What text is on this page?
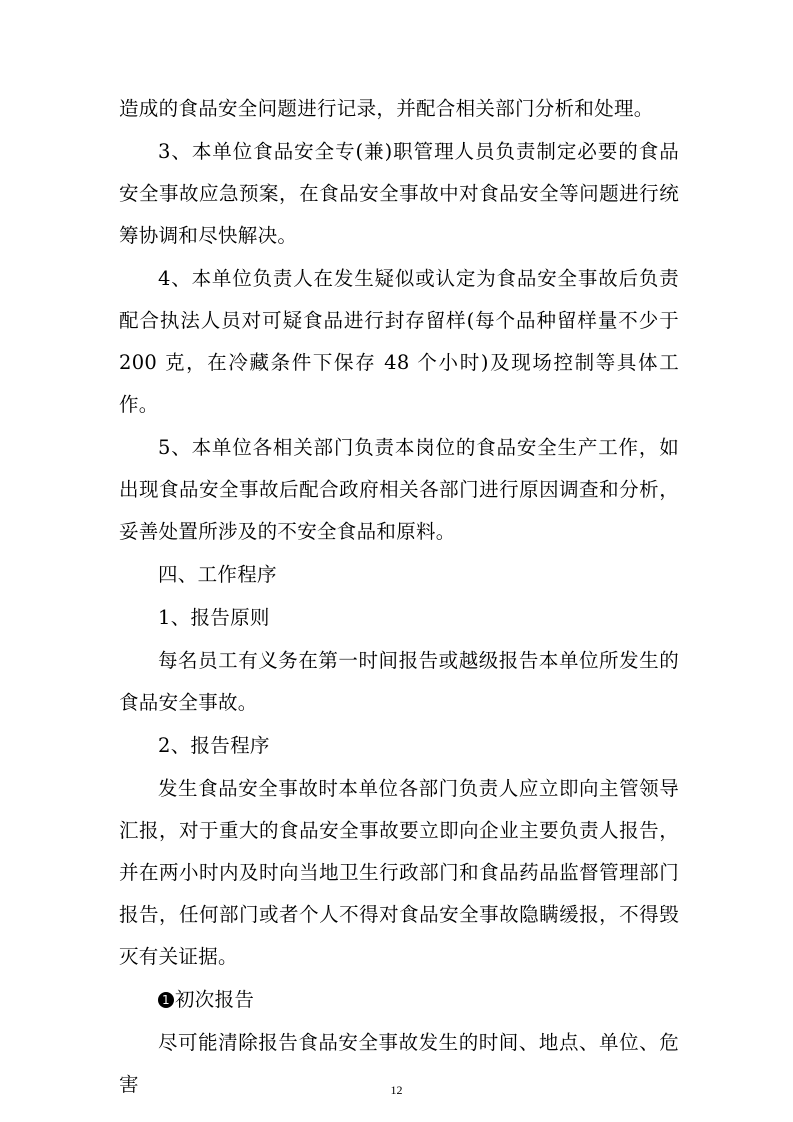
造成的食品安全问题进行记录，并配合相关部门分析和处理。

3、本单位食品安全专(兼)职管理人员负责制定必要的食品安全事故应急预案，在食品安全事故中对食品安全等问题进行统筹协调和尽快解决。

4、本单位负责人在发生疑似或认定为食品安全事故后负责配合执法人员对可疑食品进行封存留样(每个品种留样量不少于 200 克，在冷藏条件下保存 48 个小时)及现场控制等具体工作。

5、本单位各相关部门负责本岗位的食品安全生产工作，如出现食品安全事故后配合政府相关各部门进行原因调查和分析，妥善处置所涉及的不安全食品和原料。

四、工作程序

1、报告原则

每名员工有义务在第一时间报告或越级报告本单位所发生的食品安全事故。

2、报告程序

发生食品安全事故时本单位各部门负责人应立即向主管领导汇报，对于重大的食品安全事故要立即向企业主要负责人报告，并在两小时内及时向当地卫生行政部门和食品药品监督管理部门报告，任何部门或者个人不得对食品安全事故隐瞒缓报，不得毁灭有关证据。

1 初次报告

尽可能清除报告食品安全事故发生的时间、地点、单位、危害	12
